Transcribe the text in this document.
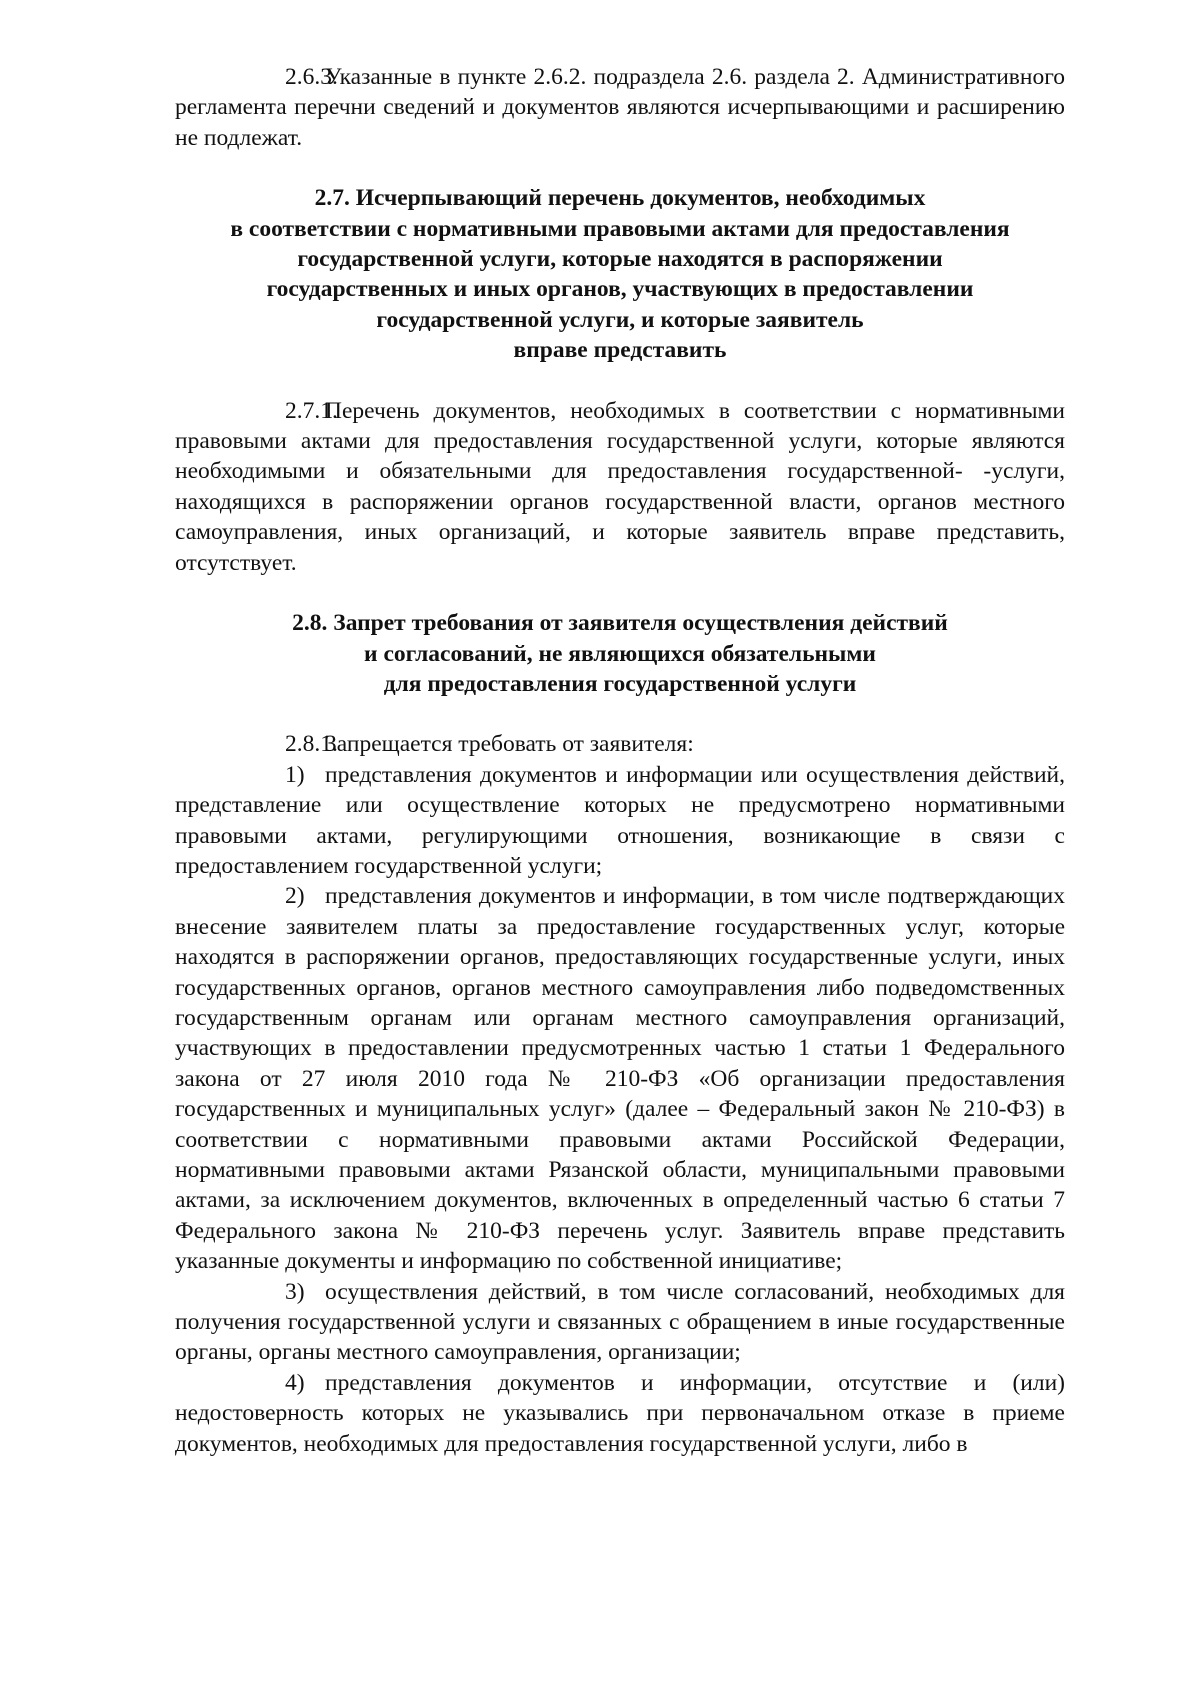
2.6.3.Указанные в пункте 2.6.2. подраздела 2.6. раздела 2. Административного регламента перечни сведений и документов являются исчерпывающими и расширению не подлежат.

2.7. Исчерпывающий перечень документов, необходимых

в соответствии с нормативными правовыми актами для предоставления

государственной услуги, которые находятся в распоряжении

государственных и иных органов, участвующих в предоставлении

государственной услуги, и которые заявитель

вправе представить

2.7.1.Перечень документов, необходимых в соответствии с нормативными правовыми актами для предоставления государственной услуги, которые являются необходимыми и обязательными для предоставления государственной- -услуги, находящихся в распоряжении органов государственной власти, органов местного самоуправления, иных организаций, и которые заявитель вправе представить, отсутствует.

2.8. Запрет требования от заявителя осуществления действий

и согласований, не являющихся обязательными

для предоставления государственной услуги

2.8.1.Запрещается требовать от заявителя:

1) представления документов и информации или осуществления действий, представление или осуществление которых не предусмотрено нормативными правовыми актами, регулирующими отношения, возникающие в связи с предоставлением государственной услуги;

2) представления документов и информации, в том числе подтверждающих внесение заявителем платы за предоставление государственных услуг, которые находятся в распоряжении органов, предоставляющих государственные услуги, иных государственных органов, органов местного самоуправления либо подведомственных государственным органам или органам местного самоуправления организаций, участвующих в предоставлении предусмотренных частью 1 статьи 1 Федерального закона от 27 июля 2010 года № 210-ФЗ «Об организации предоставления государственных и муниципальных услуг» (далее – Федеральный закон № 210-ФЗ) в соответствии с нормативными правовыми актами Российской Федерации, нормативными правовыми актами Рязанской области, муниципальными правовыми актами, за исключением документов, включенных в определенный частью 6 статьи 7 Федерального закона № 210-ФЗ перечень услуг. Заявитель вправе представить указанные документы и информацию по собственной инициативе;

3) осуществления действий, в том числе согласований, необходимых для получения государственной услуги и связанных с обращением в иные государственные органы, органы местного самоуправления, организации;

4) представления документов и информации, отсутствие и (или) недостоверность которых не указывались при первоначальном отказе в приеме документов, необходимых для предоставления государственной услуги, либо в
